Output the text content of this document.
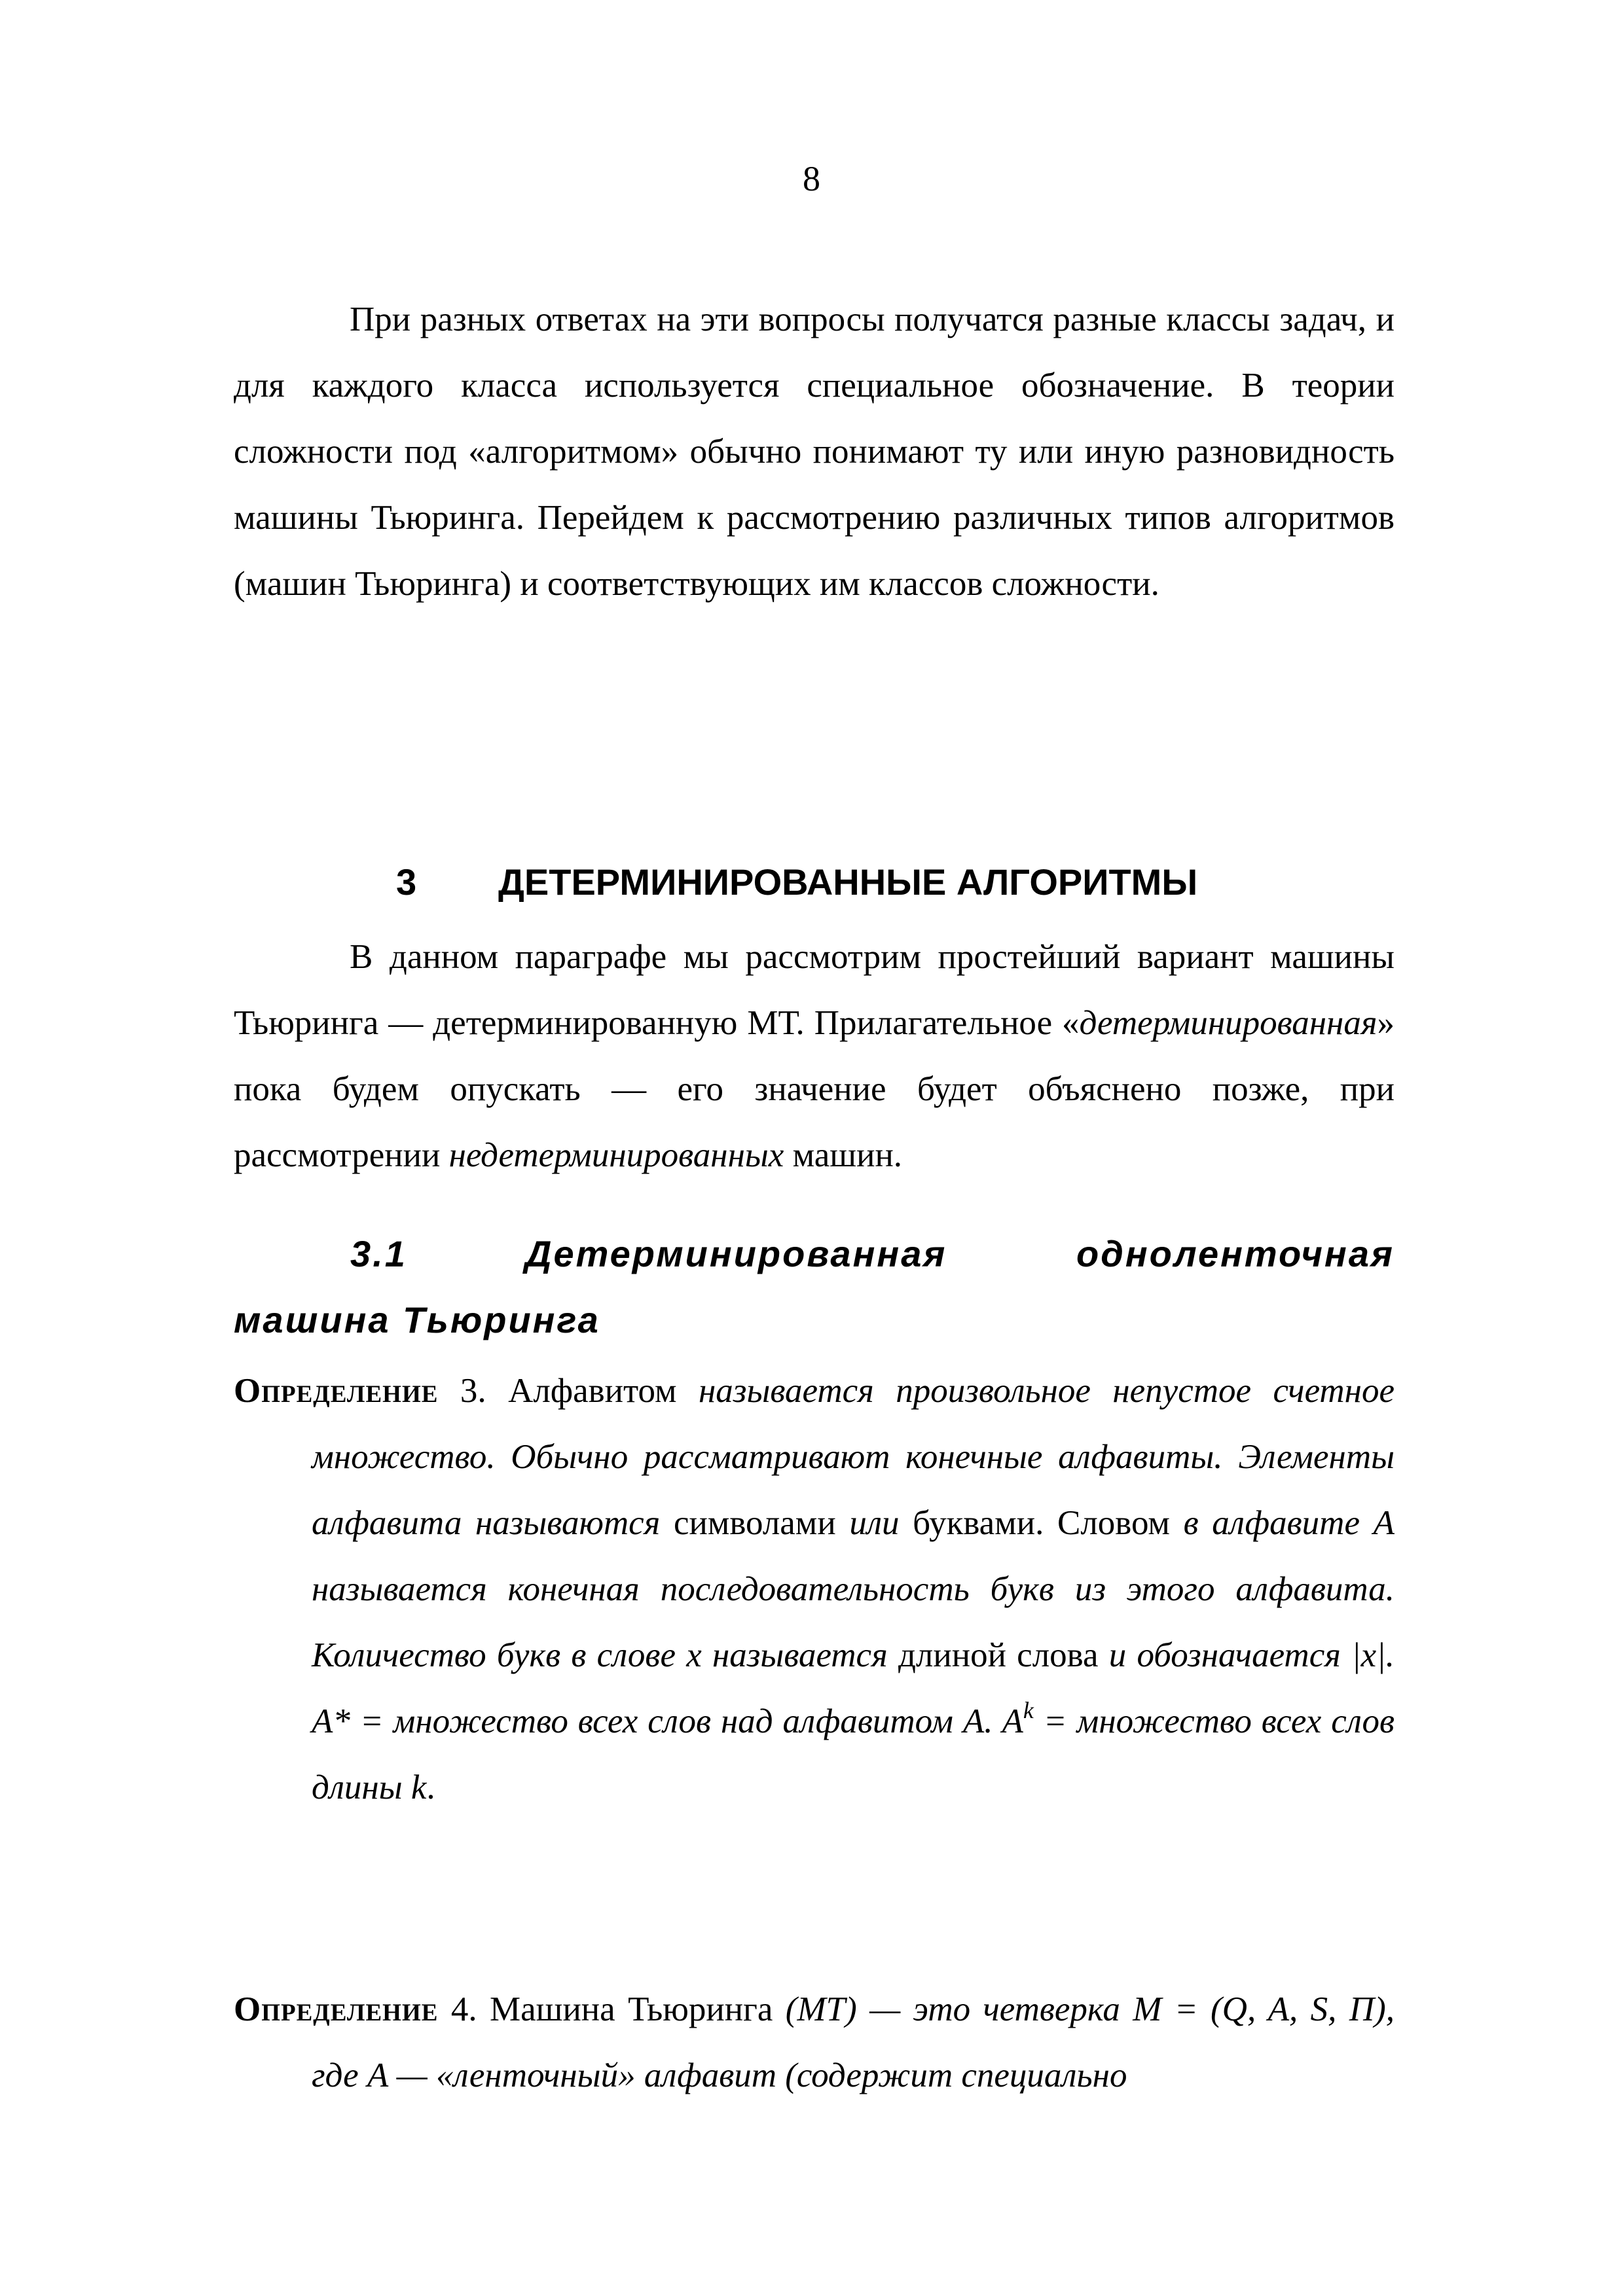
8

При разных ответах на эти вопросы получатся разные классы задач, и для каждого класса используется специальное обозначение. В теории сложности под «алгоритмом» обычно понимают ту или иную разновидность машины Тьюринга. Перейдем к рассмотрению различных типов алгоритмов (машин Тьюринга) и соответствующих им классов сложности.

3 ДЕТЕРМИНИРОВАННЫЕ АЛГОРИТМЫ

В данном параграфе мы рассмотрим простейший вариант машины Тьюринга — детерминированную МТ. Прилагательное «детерминированная» пока будем опускать — его значение будет объяснено позже, при рассмотрении недетерминированных машин.

3.1	Детерминированная	одноленточная
машина Тьюринга
Определение 3. Алфавитом называется произвольное непустое счетное множество. Обычно рассматривают конечные алфавиты. Элементы алфавита называются символами или буквами. Словом в алфавите A называется конечная последовательность букв из этого алфавита. Количество букв в слове x называется длиной слова и обозначается |x|. A* = множество всех слов над алфавитом A. $A^k$ = множество всех слов длины k.
Определение 4. Машина Тьюринга (МТ) — это четверка M = (Q, A, S, П), где A — «ленточный» алфавит (содержит специально
